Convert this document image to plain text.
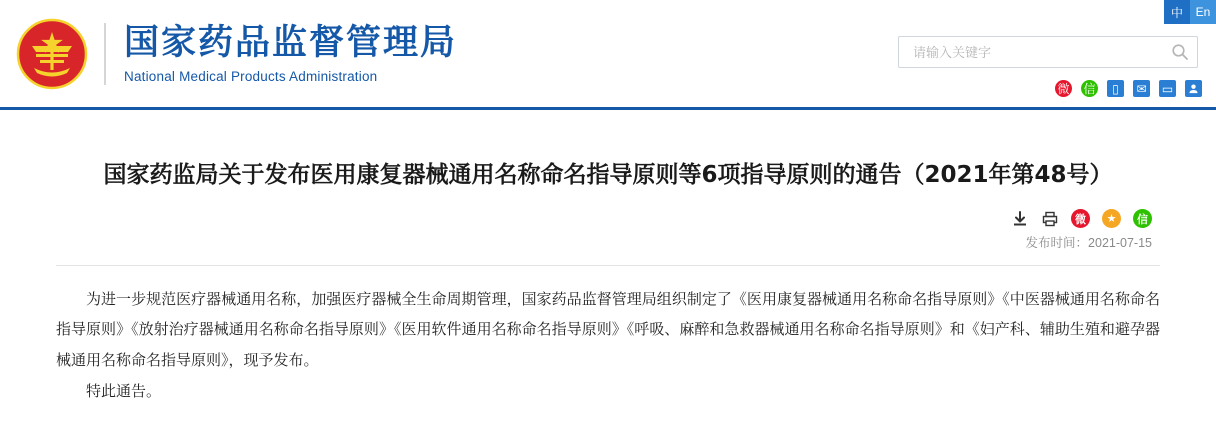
国家药品监督管理局
National Medical Products Administration
中	En
请输入关键字
微 信	▯	✉ ▭
国家药监局关于发布医用康复器械通用名称命名指导原则等6项指导原则的通告（2021年第48号）
微	★	信
发布时间：2021-07-15

为进一步规范医疗器械通用名称，加强医疗器械全生命周期管理，国家药品监督管理局组织制定了《医用康复器械通用名称命名指导原则》《中医器械通用名称命名指导原则》《放射治疗器械通用名称命名指导原则》《医用软件通用名称命名指导原则》《呼吸、麻醉和急救器械通用名称命名指导原则》和《妇产科、辅助生殖和避孕器械通用名称命名指导原则》，现予发布。

特此通告。
